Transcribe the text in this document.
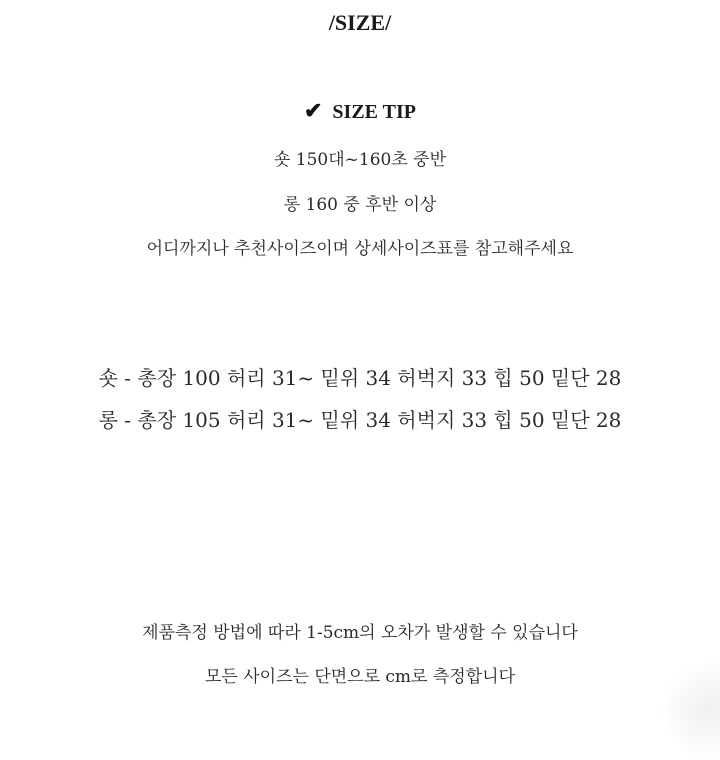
/SIZE/
✔ SIZE TIP
숏 150대~160초 중반
롱 160 중 후반 이상
어디까지나 추천사이즈이며 상세사이즈표를 참고해주세요
숏 - 총장 100 허리 31~ 밑위 34 허벅지 33 힙 50 밑단 28
롱 - 총장 105 허리 31~ 밑위 34 허벅지 33 힙 50 밑단 28
제품측정 방법에 따라 1-5cm의 오차가 발생할 수 있습니다
모든 사이즈는 단면으로 cm로 측정합니다
